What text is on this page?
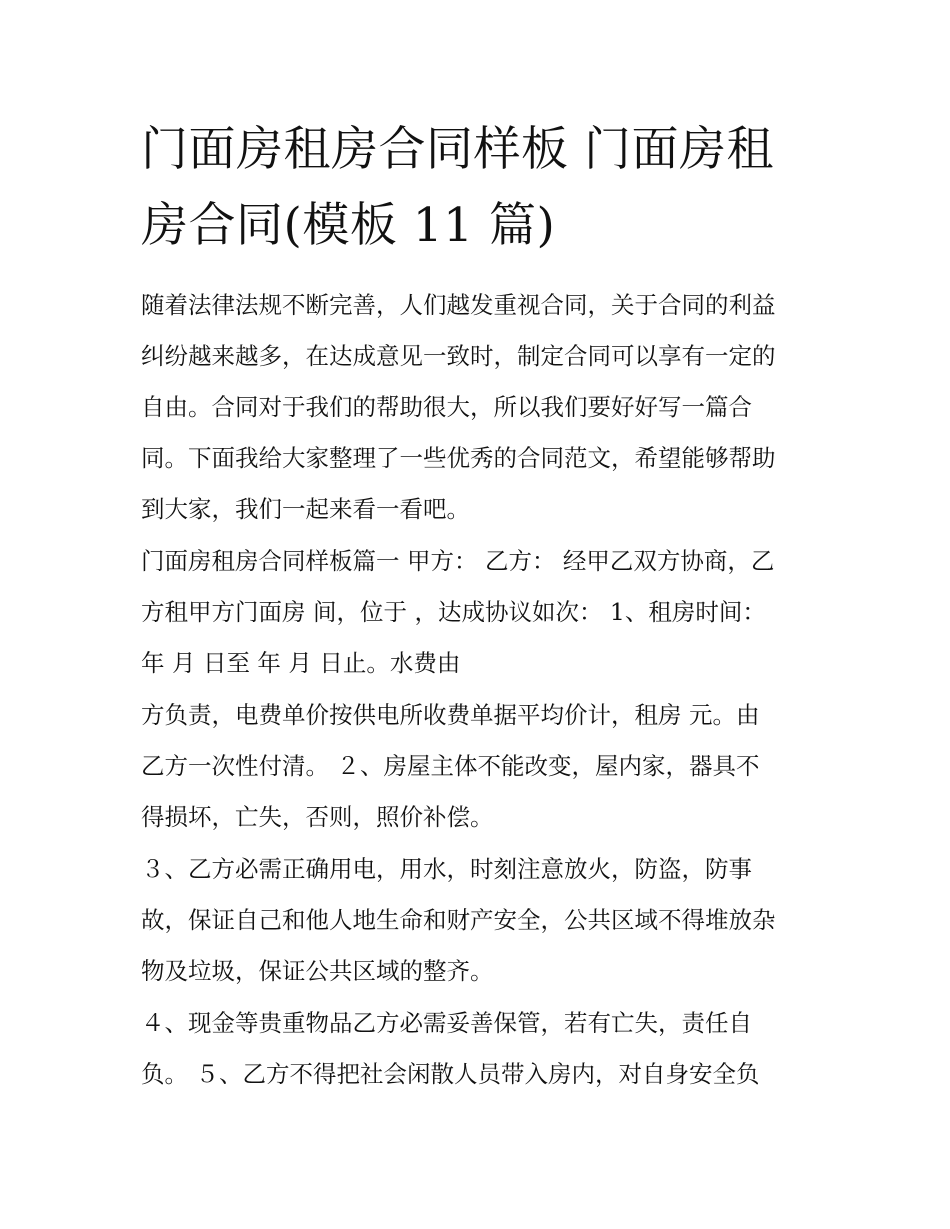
门面房租房合同样板 门面房租
房合同(模板 11 篇)

随着法律法规不断完善，人们越发重视合同，关于合同的利益
纠纷越来越多，在达成意见一致时，制定合同可以享有一定的
自由。合同对于我们的帮助很大，所以我们要好好写一篇合
同。下面我给大家整理了一些优秀的合同范文，希望能够帮助
到大家，我们一起来看一看吧。

门面房租房合同样板篇一 甲方： 乙方： 经甲乙双方协商，乙
方租甲方门面房 间，位于 ，达成协议如次： 1、租房时间：
年 月 日至 年 月 日止。水费由

方负责，电费单价按供电所收费单据平均价计，租房 元。由
乙方一次性付清。 ２、房屋主体不能改变，屋内家，器具不
得损坏，亡失，否则，照价补偿。

３、乙方必需正确用电，用水，时刻注意放火，防盗，防事
故，保证自己和他人地生命和财产安全，公共区域不得堆放杂
物及垃圾，保证公共区域的整齐。

４、现金等贵重物品乙方必需妥善保管，若有亡失，责任自
负。 ５、乙方不得把社会闲散人员带入房内，对自身安全负
